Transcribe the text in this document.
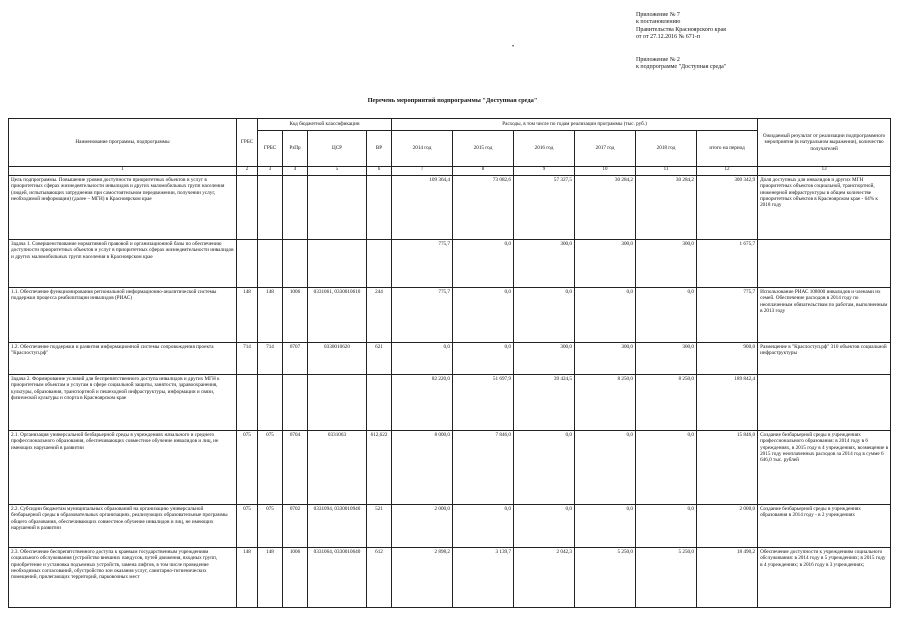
Приложение № 7
к постановлению
Правительства Красноярского края
от от 27.12.2016 № 671-п
•
Приложение № 2
к подпрограмме "Доступная среда"
Перечень мероприятий подпрограммы "Доступная среда"
Наименование программы, подпрограммы	ГРБС	Код бюджетной классификации				Расходы, в том числе по годам реализации программы (тыс. руб.)						Ожидаемый результат от реализации подпрограммного мероприятия (в натуральном выражении), количество получателей
		ГРБС	РзПр	ЦСР	ВР	2014 год	2015 год	2016 год	2017 год	2018 год	итого на период	
1	2	3	4	5	6	7	8	9	10	11	12	13
Цель подпрограммы. Повышение уровня доступности приоритетных объектов и услуг в приоритетных сферах жизнедеятельности инвалидов и других маломобильных групп населения (людей, испытывающих затруднения при самостоятельном передвижении, получении услуг, необходимой информации) (далее – МГН) в Красноярском крае						109 364,4	73 082,6	57 327,5	30 284,2	30 284,2	300 342,9	Доля доступных для инвалидов и других МГН приоритетных объектов социальной, транспортной, инженерной инфраструктуры в общем количестве приоритетных объектов в Красноярском крае - 64% к 2018 году
Задача 1. Совершенствование нормативной правовой и организационной базы по обеспечению доступности приоритетных объектов и услуг в приоритетных сферах жизнедеятельности инвалидов и других маломобильных групп населения в Красноярском крае						775,7	0,0	300,0	300,0	300,0	1 675,7	
1.1. Обеспечение функционирования региональной информационно-аналитической системы поддержки процесса реабилитации инвалидов (РИАС)	148	148	1006	0331061, 0330010610	244	775,7	0,0	0,0	0,0	0,0	775,7	Использование РИАС 108000 инвалидов и членами их семей. Обеспечение расходов в 2014 году по неоплаченным обязательствам по работам, выполненным в 2013 году
1.2. Обеспечение поддержки и развития информационной системы сопровождения проекта "Краслоступ.рф"	714	714	0707	0330010620	621	0,0	0,0	300,0	300,0	300,0	900,0	Размещение в "Краслоступ.рф" 310 объектов социальной инфраструктуры
Задача 2. Формирование условий для беспрепятственного доступа инвалидов и других МГН к приоритетным объектам и услугам в сфере социальной защиты, занятости, здравоохранения, культуры, образования, транспортной и пешеходной инфраструктуры, информации и связи, физической культуры и спорта в Красноярском крае						82 220,0	51 697,9	39 424,5	8 250,0	8 250,0	189 842,4	
2.1. Организация универсальной безбарьерной среды в учреждениях начального и среднего профессионального образования, обеспечивающих совместное обучение инвалидов и лиц, не имеющих нарушений в развитии	075	075	0704	0331063	612,622	8 000,0	7 846,0	0,0	0,0	0,0	15 846,0	Создание безбарьерной среды в учреждениях профессионального образования: в 2014 году в 6 учреждениях, в 2015 году в 4 учреждениях, возмещение в 2015 году неоплаченных расходов за 2014 год в сумме 6 646,0 тыс. рублей
2.2. Субсидии бюджетам муниципальных образований на организацию универсальной безбарьерной среды в образовательных организациях, реализующих образовательные программы общего образования, обеспечивающих совместное обучение инвалидов и лиц, не имеющих нарушений в развитии	075	075	0702	0331094, 0330010940	521	2 000,0	0,0	0,0	0,0	0,0	2 000,0	Создание безбарьерной среды в учреждениях образования в 2014 году - в 2 учреждениях
2.3. Обеспечение беспрепятственного доступа к краевым государственным учреждениям социального обслуживания (устройство внешних пандусов, путей движения, входных групп, приобретение и установка подъемных устройств, замена лифтов, в том числе проведение необходимых согласований, обустройство зон оказания услуг, санитарно-гигиенических помещений, прилегающих территорий, парковочных мест	148	148	1006	0331064, 0330010640	612	2 898,2	3 139,7	2 042,3	5 250,0	5 250,0	18 490,2	Обеспечение доступности к учреждениям социального обслуживания: в 2014 году в 5 учреждениях; в 2015 году в 4 учреждениях; в 2016 году в 3 учреждениях;
